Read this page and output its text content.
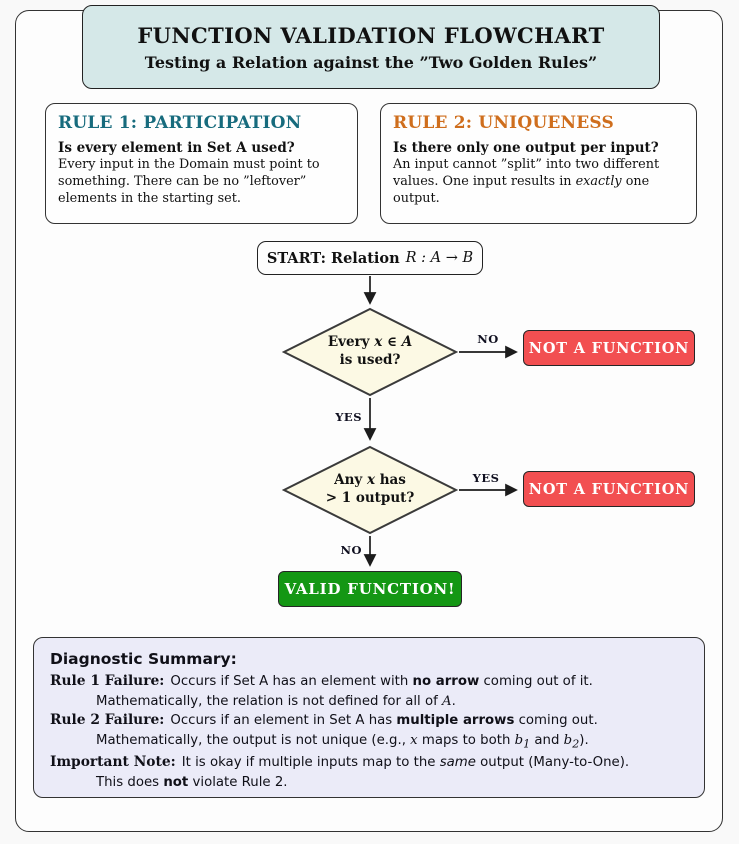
FUNCTION VALIDATION FLOWCHART
Testing a Relation against the ”Two Golden Rules”
RULE 1: PARTICIPATION
Is every element in Set A used?
Every input in the Domain must point to something. There can be no ”leftover” elements in the starting set.
RULE 2: UNIQUENESS
Is there only one output per input?
An input cannot ”split” into two different values. One input results in exactly one output.
START: Relation R : A → B
Every x ∈ A
is used?
NO
NOT A FUNCTION
YES
Any x has
> 1 output?
YES
NOT A FUNCTION
NO
VALID FUNCTION!
Diagnostic Summary:
Rule 1 Failure: Occurs if Set A has an element with no arrow coming out of it.
Mathematically, the relation is not defined for all of A.
Rule 2 Failure: Occurs if an element in Set A has multiple arrows coming out.
Mathematically, the output is not unique (e.g., x maps to both $b_1$ and $b_2$).
Important Note: It is okay if multiple inputs map to the same output (Many-to-One).
This does not violate Rule 2.
